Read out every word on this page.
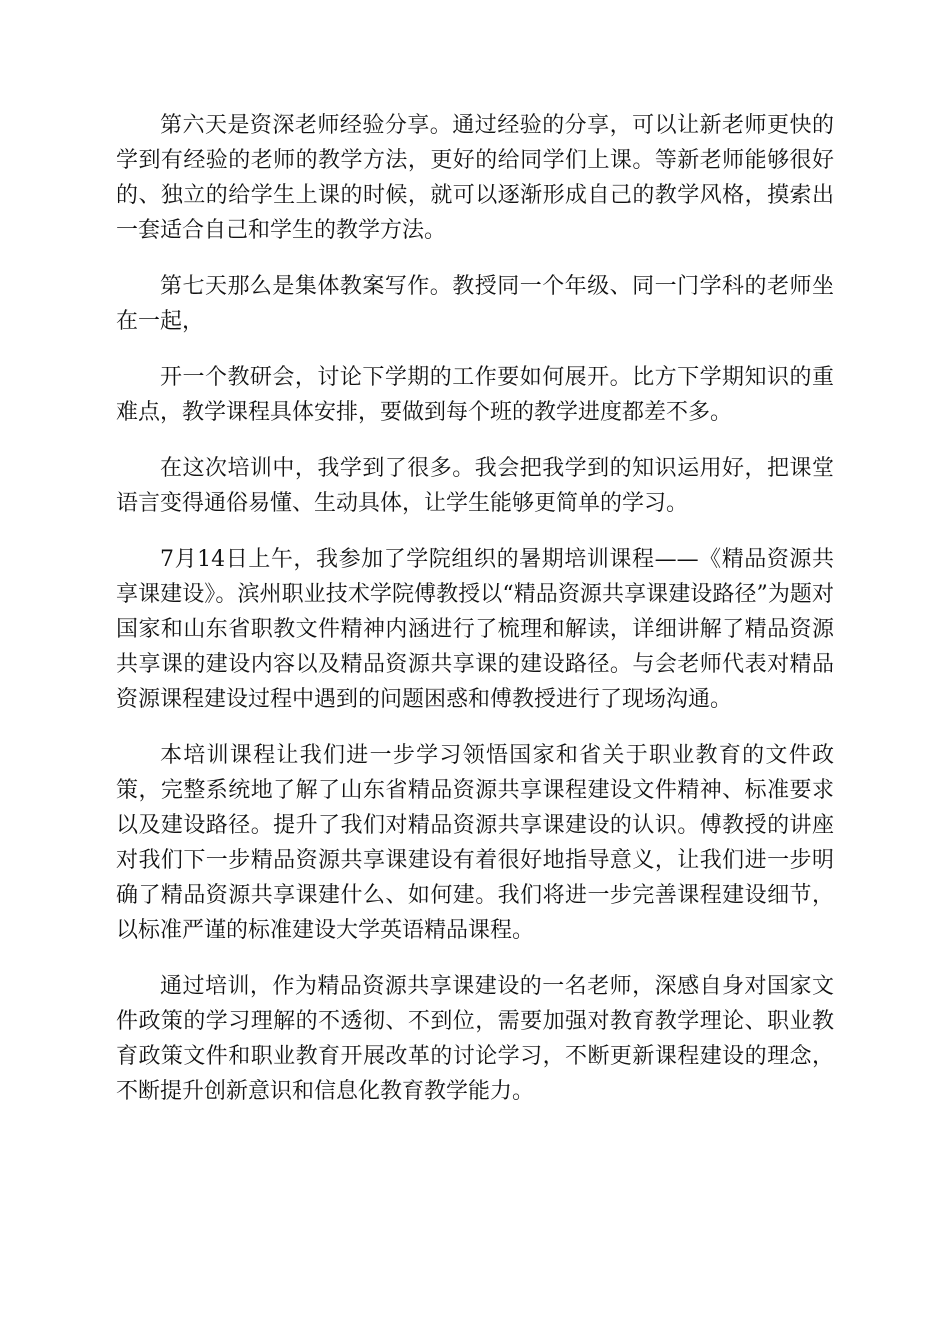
第六天是资深老师经验分享。通过经验的分享，可以让新老师更快的学到有经验的老师的教学方法，更好的给同学们上课。等新老师能够很好的、独立的给学生上课的时候，就可以逐渐形成自己的教学风格，摸索出一套适合自己和学生的教学方法。

第七天那么是集体教案写作。教授同一个年级、同一门学科的老师坐在一起，

开一个教研会，讨论下学期的工作要如何展开。比方下学期知识的重难点，教学课程具体安排，要做到每个班的教学进度都差不多。

在这次培训中，我学到了很多。我会把我学到的知识运用好，把课堂语言变得通俗易懂、生动具体，让学生能够更简单的学习。

7月14日上午，我参加了学院组织的暑期培训课程——《精品资源共享课建设》。滨州职业技术学院傅教授以“精品资源共享课建设路径”为题对国家和山东省职教文件精神内涵进行了梳理和解读，详细讲解了精品资源共享课的建设内容以及精品资源共享课的建设路径。与会老师代表对精品资源课程建设过程中遇到的问题困惑和傅教授进行了现场沟通。

本培训课程让我们进一步学习领悟国家和省关于职业教育的文件政策，完整系统地了解了山东省精品资源共享课程建设文件精神、标准要求以及建设路径。提升了我们对精品资源共享课建设的认识。傅教授的讲座对我们下一步精品资源共享课建设有着很好地指导意义，让我们进一步明确了精品资源共享课建什么、如何建。我们将进一步完善课程建设细节，以标准严谨的标准建设大学英语精品课程。

通过培训，作为精品资源共享课建设的一名老师，深感自身对国家文件政策的学习理解的不透彻、不到位，需要加强对教育教学理论、职业教育政策文件和职业教育开展改革的讨论学习，不断更新课程建设的理念，不断提升创新意识和信息化教育教学能力。
